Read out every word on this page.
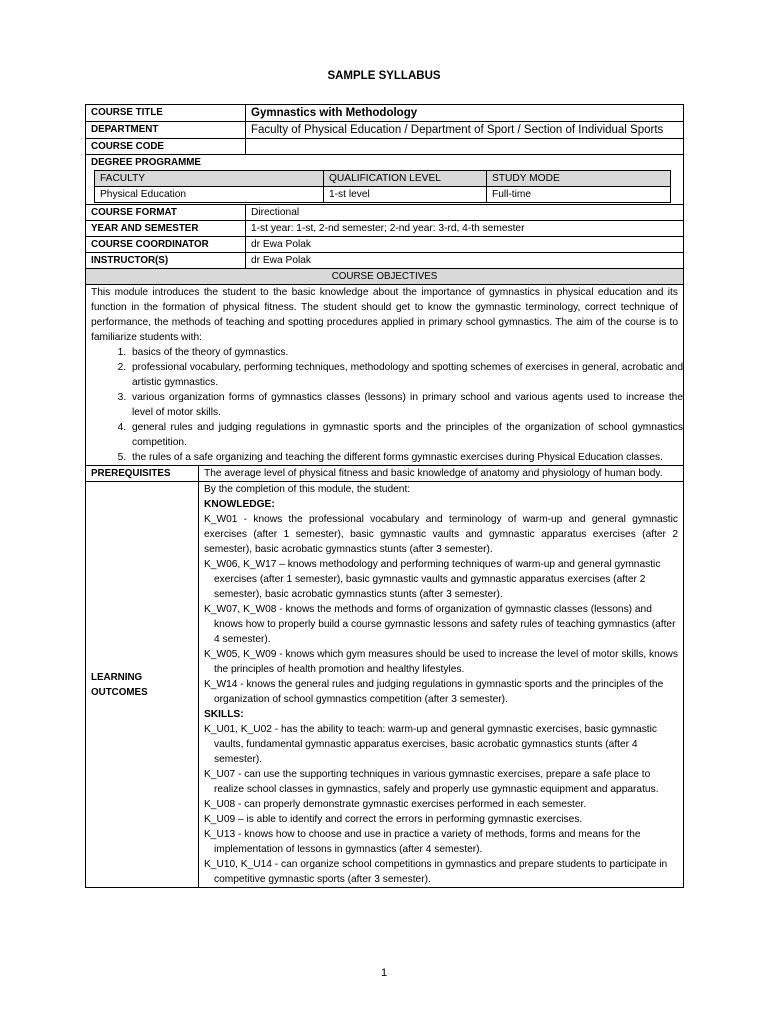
SAMPLE SYLLABUS
COURSE TITLE	Gymnastics with Methodology
DEPARTMENT	Faculty of Physical Education / Department of Sport / Section of Individual Sports
COURSE CODE
DEGREE PROGRAMME
FACULTY	QUALIFICATION LEVEL	STUDY MODE
Physical Education	1-st level	Full-time
COURSE FORMAT	Directional
YEAR AND SEMESTER	1-st year: 1-st, 2-nd semester; 2-nd year: 3-rd, 4-th semester
COURSE COORDINATOR	dr Ewa Polak
INSTRUCTOR(S)	dr Ewa Polak
COURSE OBJECTIVES
This module introduces the student to the basic knowledge about the importance of gymnastics in physical education and its function in the formation of physical fitness. The student should get to know the gymnastic terminology, correct technique of performance, the methods of teaching and spotting procedures applied in primary school gymnastics. The aim of the course is to familiarize students with:
1. basics of the theory of gymnastics.
2. professional vocabulary, performing techniques, methodology and spotting schemes of exercises in general, acrobatic and artistic gymnastics.
3. various organization forms of gymnastics classes (lessons) in primary school and various agents used to increase the level of motor skills.
4. general rules and judging regulations in gymnastic sports and the principles of the organization of school gymnastics competition.
5. the rules of a safe organizing and teaching the different forms gymnastic exercises during Physical Education classes.
PREREQUISITES	The average level of physical fitness and basic knowledge of anatomy and physiology of human body.
LEARNING
OUTCOMES
By the completion of this module, the student:
KNOWLEDGE:
K_W01 - knows the professional vocabulary and terminology of warm-up and general gymnastic exercises (after 1 semester), basic gymnastic vaults and gymnastic apparatus exercises (after 2 semester), basic acrobatic gymnastics stunts (after 3 semester).
K_W06, K_W17 – knows methodology and performing techniques of warm-up and general gymnastic exercises (after 1 semester), basic gymnastic vaults and gymnastic apparatus exercises (after 2 semester), basic acrobatic gymnastics stunts (after 3 semester).
K_W07, K_W08 - knows the methods and forms of organization of gymnastic classes (lessons) and knows how to properly build a course gymnastic lessons and safety rules of teaching gymnastics (after 4 semester).
K_W05, K_W09 - knows which gym measures should be used to increase the level of motor skills, knows the principles of health promotion and healthy lifestyles.
K_W14 - knows the general rules and judging regulations in gymnastic sports and the principles of the organization of school gymnastics competition (after 3 semester).
SKILLS:
K_U01, K_U02 - has the ability to teach: warm-up and general gymnastic exercises, basic gymnastic vaults, fundamental gymnastic apparatus exercises, basic acrobatic gymnastics stunts (after 4 semester).
K_U07 - can use the supporting techniques in various gymnastic exercises, prepare a safe place to realize school classes in gymnastics, safely and properly use gymnastic equipment and apparatus.
K_U08 - can properly demonstrate gymnastic exercises performed in each semester.
K_U09 – is able to identify and correct the errors in performing gymnastic exercises.
K_U13 - knows how to choose and use in practice a variety of methods, forms and means for the implementation of lessons in gymnastics (after 4 semester).
K_U10, K_U14 - can organize school competitions in gymnastics and prepare students to participate in competitive gymnastic sports (after 3 semester).
1
